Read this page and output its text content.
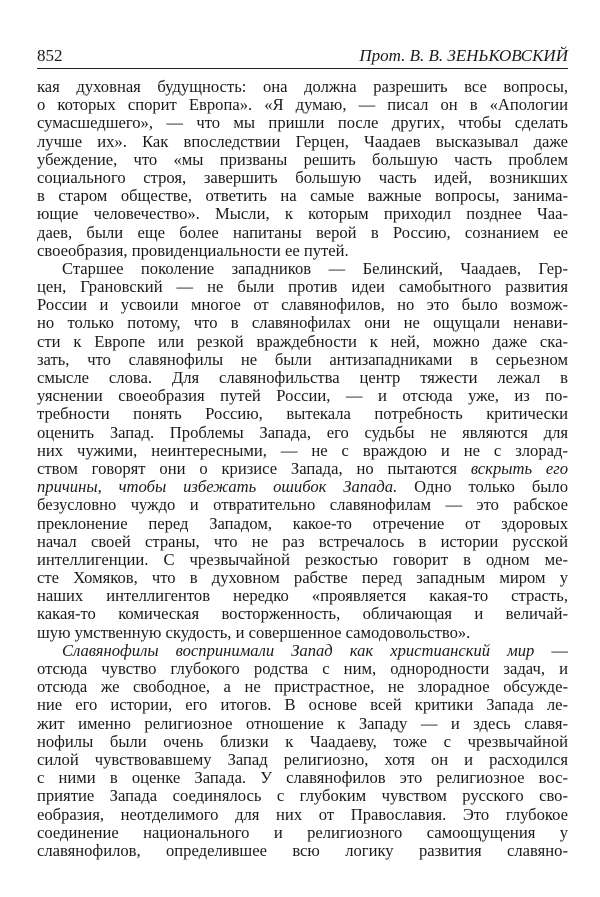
852	Прот. В. В. ЗЕНЬКОВСКИЙ
кая духовная будущность: она должна разрешить все вопросы,
о которых спорит Европа». «Я думаю, — писал он в «Апологии
сумасшедшего», — что мы пришли после других, чтобы сделать
лучше их». Как впоследствии Герцен, Чаадаев высказывал даже
убеждение, что «мы призваны решить большую часть проблем
социального строя, завершить большую часть идей, возникших
в старом обществе, ответить на самые важные вопросы, занима-
ющие человечество». Мысли, к которым приходил позднее Чаа-
даев, были еще более напитаны верой в Россию, сознанием ее
своеобразия, провиденциальности ее путей.
Старшее поколение западников — Белинский, Чаадаев, Гер-
цен, Грановский — не были против идеи самобытного развития
России и усвоили многое от славянофилов, но это было возмож-
но только потому, что в славянофилах они не ощущали ненави-
сти к Европе или резкой враждебности к ней, можно даже ска-
зать, что славянофилы не были антизападниками в серьезном
смысле слова. Для славянофильства центр тяжести лежал в
уяснении своеобразия путей России, — и отсюда уже, из по-
требности понять Россию, вытекала потребность критически
оценить Запад. Проблемы Запада, его судьбы не являются для
них чужими, неинтересными, — не с враждою и не с злорад-
ством говорят они о кризисе Запада, но пытаются вскрыть его
причины, чтобы избежать ошибок Запада. Одно только было
безусловно чуждо и отвратительно славянофилам — это рабское
преклонение перед Западом, какое-то отречение от здоровых
начал своей страны, что не раз встречалось в истории русской
интеллигенции. С чрезвычайной резкостью говорит в одном ме-
сте Хомяков, что в духовном рабстве перед западным миром у
наших интеллигентов нередко «проявляется какая-то страсть,
какая-то комическая восторженность, обличающая и величай-
шую умственную скудость, и совершенное самодовольство».
Славянофилы воспринимали Запад как христианский мир —
отсюда чувство глубокого родства с ним, однородности задач, и
отсюда же свободное, а не пристрастное, не злорадное обсужде-
ние его истории, его итогов. В основе всей критики Запада ле-
жит именно религиозное отношение к Западу — и здесь славя-
нофилы были очень близки к Чаадаеву, тоже с чрезвычайной
силой чувствовавшему Запад религиозно, хотя он и расходился
с ними в оценке Запада. У славянофилов это религиозное вос-
приятие Запада соединялось с глубоким чувством русского сво-
еобразия, неотделимого для них от Православия. Это глубокое
соединение национального и религиозного самоощущения у
славянофилов, определившее всю логику развития славяно-
